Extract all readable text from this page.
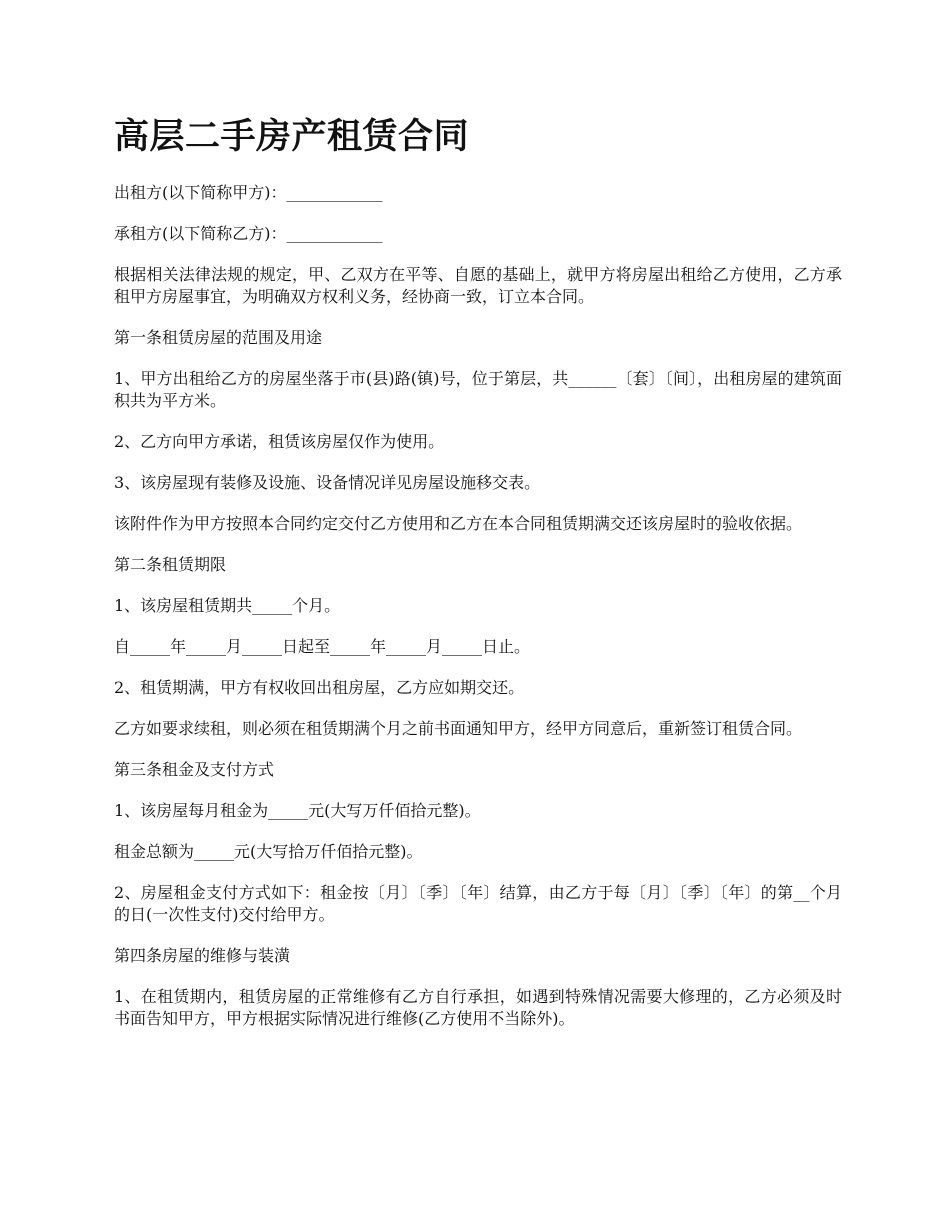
高层二手房产租赁合同

出租方(以下简称甲方)：____________

承租方(以下简称乙方)：____________

根据相关法律法规的规定，甲、乙双方在平等、自愿的基础上，就甲方将房屋出租给乙方使用，乙方承租甲方房屋事宜，为明确双方权利义务，经协商一致，订立本合同。

第一条租赁房屋的范围及用途

1、甲方出租给乙方的房屋坐落于市(县)路(镇)号，位于第层，共______〔套〕〔间〕，出租房屋的建筑面积共为平方米。

2、乙方向甲方承诺，租赁该房屋仅作为使用。

3、该房屋现有装修及设施、设备情况详见房屋设施移交表。

该附件作为甲方按照本合同约定交付乙方使用和乙方在本合同租赁期满交还该房屋时的验收依据。

第二条租赁期限

1、该房屋租赁期共_____个月。

自_____年_____月_____日起至_____年_____月_____日止。

2、租赁期满，甲方有权收回出租房屋，乙方应如期交还。

乙方如要求续租，则必须在租赁期满个月之前书面通知甲方，经甲方同意后，重新签订租赁合同。

第三条租金及支付方式

1、该房屋每月租金为_____元(大写万仟佰拾元整)。

租金总额为_____元(大写拾万仟佰拾元整)。

2、房屋租金支付方式如下：租金按〔月〕〔季〕〔年〕结算，由乙方于每〔月〕〔季〕〔年〕的第__个月的日(一次性支付)交付给甲方。

第四条房屋的维修与装潢

1、在租赁期内，租赁房屋的正常维修有乙方自行承担，如遇到特殊情况需要大修理的，乙方必须及时书面告知甲方，甲方根据实际情况进行维修(乙方使用不当除外)。
